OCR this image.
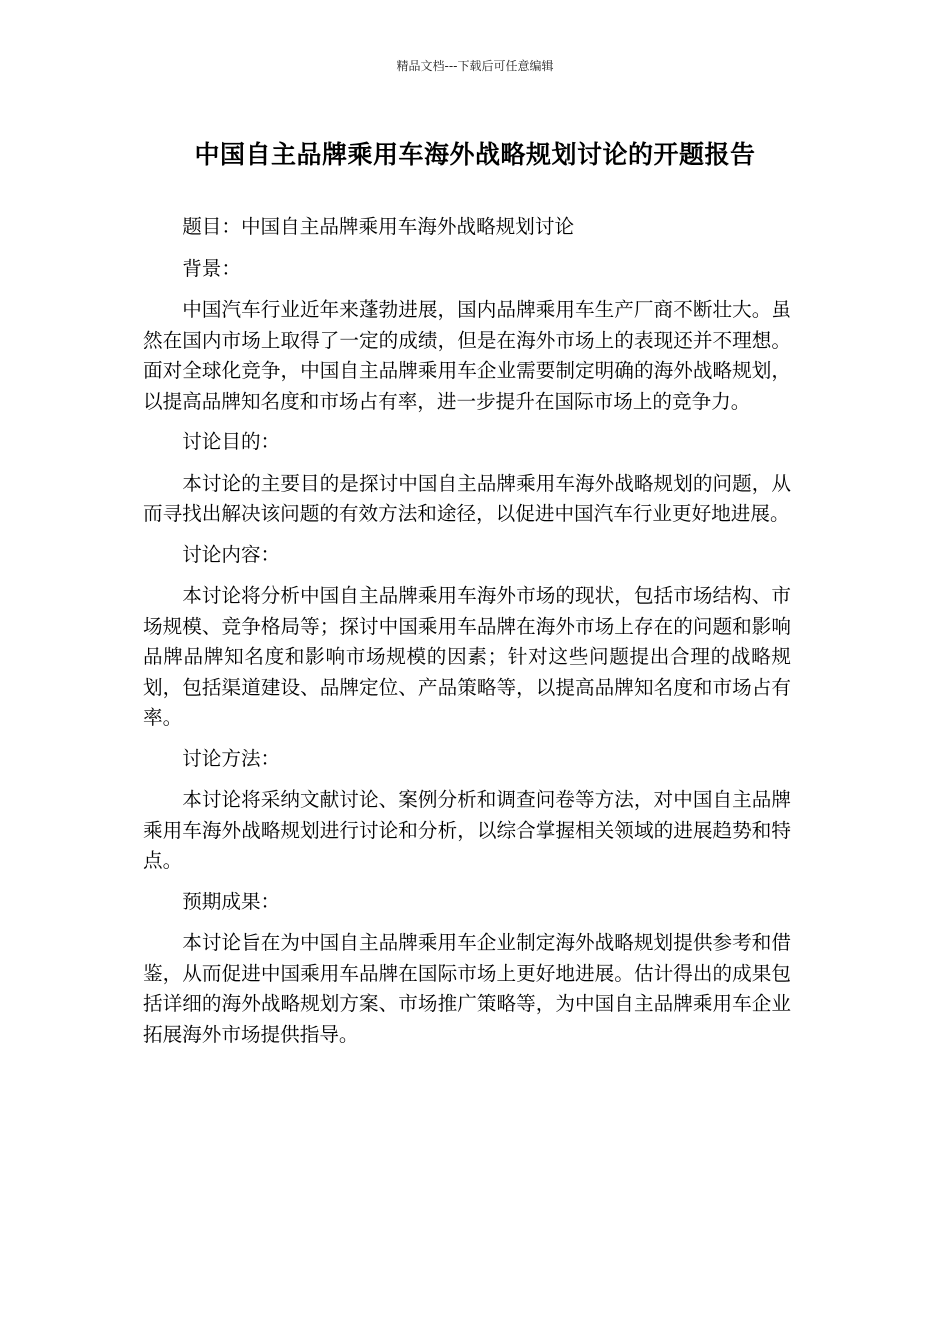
精品文档---下载后可任意编辑
中国自主品牌乘用车海外战略规划讨论的开题报告

题目：中国自主品牌乘用车海外战略规划讨论

背景：

中国汽车行业近年来蓬勃进展，国内品牌乘用车生产厂商不断壮大。虽然在国内市场上取得了一定的成绩，但是在海外市场上的表现还并不理想。面对全球化竞争，中国自主品牌乘用车企业需要制定明确的海外战略规划，以提高品牌知名度和市场占有率，进一步提升在国际市场上的竞争力。

讨论目的：

本讨论的主要目的是探讨中国自主品牌乘用车海外战略规划的问题，从而寻找出解决该问题的有效方法和途径，以促进中国汽车行业更好地进展。

讨论内容：

本讨论将分析中国自主品牌乘用车海外市场的现状，包括市场结构、市场规模、竞争格局等；探讨中国乘用车品牌在海外市场上存在的问题和影响品牌品牌知名度和影响市场规模的因素；针对这些问题提出合理的战略规划，包括渠道建设、品牌定位、产品策略等，以提高品牌知名度和市场占有率。

讨论方法：

本讨论将采纳文献讨论、案例分析和调查问卷等方法，对中国自主品牌乘用车海外战略规划进行讨论和分析，以综合掌握相关领域的进展趋势和特点。

预期成果：

本讨论旨在为中国自主品牌乘用车企业制定海外战略规划提供参考和借鉴，从而促进中国乘用车品牌在国际市场上更好地进展。估计得出的成果包括详细的海外战略规划方案、市场推广策略等，为中国自主品牌乘用车企业拓展海外市场提供指导。
